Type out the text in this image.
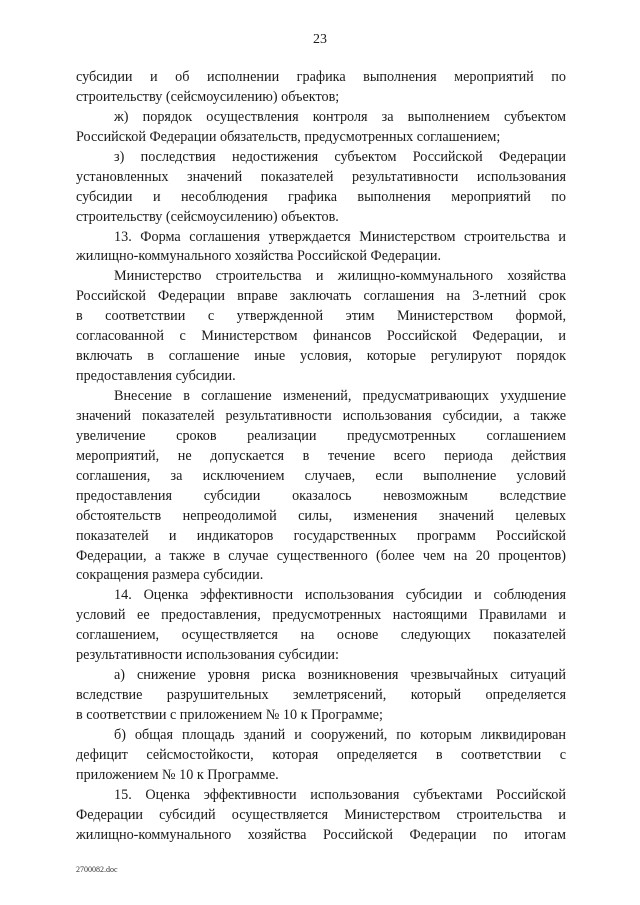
23
субсидии и об исполнении графика выполнения мероприятий по
строительству (сейсмоусилению) объектов;
ж) порядок осуществления контроля за выполнением субъектом
Российской Федерации обязательств, предусмотренных соглашением;
з) последствия недостижения субъектом Российской Федерации
установленных значений показателей результативности использования
субсидии и несоблюдения графика выполнения мероприятий по
строительству (сейсмоусилению) объектов.
13. Форма соглашения утверждается Министерством строительства и
жилищно-коммунального хозяйства Российской Федерации.
Министерство строительства и жилищно-коммунального хозяйства
Российской Федерации вправе заключать соглашения на 3-летний срок
в соответствии с утвержденной этим Министерством формой,
согласованной с Министерством финансов Российской Федерации, и
включать в соглашение иные условия, которые регулируют порядок
предоставления субсидии.
Внесение в соглашение изменений, предусматривающих ухудшение
значений показателей результативности использования субсидии, а также
увеличение сроков реализации предусмотренных соглашением
мероприятий, не допускается в течение всего периода действия
соглашения, за исключением случаев, если выполнение условий
предоставления субсидии оказалось невозможным вследствие
обстоятельств непреодолимой силы, изменения значений целевых
показателей и индикаторов государственных программ Российской
Федерации, а также в случае существенного (более чем на 20 процентов)
сокращения размера субсидии.
14. Оценка эффективности использования субсидии и соблюдения
условий ее предоставления, предусмотренных настоящими Правилами и
соглашением, осуществляется на основе следующих показателей
результативности использования субсидии:
а) снижение уровня риска возникновения чрезвычайных ситуаций
вследствие разрушительных землетрясений, который определяется
в соответствии с приложением № 10 к Программе;
б) общая площадь зданий и сооружений, по которым ликвидирован
дефицит сейсмостойкости, которая определяется в соответствии с
приложением № 10 к Программе.
15. Оценка эффективности использования субъектами Российской
Федерации субсидий осуществляется Министерством строительства и
жилищно-коммунального хозяйства Российской Федерации по итогам
2700082.doc
